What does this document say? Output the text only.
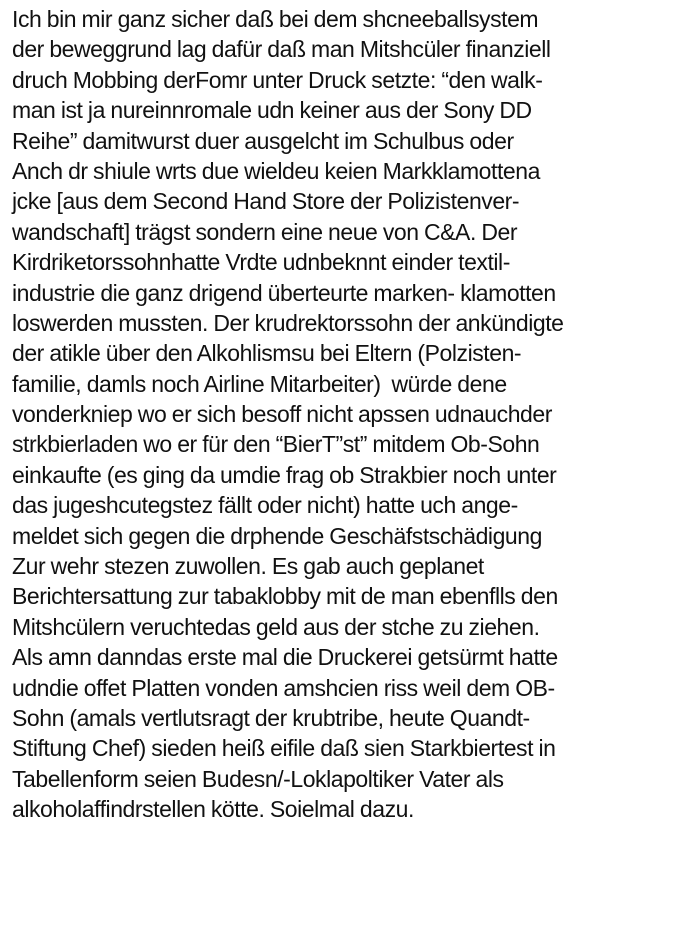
Ich bin mir ganz sicher daß bei dem shcneeballsystem
der beweggrund lag dafür daß man Mitshcüler finanziell
druch Mobbing derFomr unter Druck setzte: “den walk-
man ist ja nureinnromale udn keiner aus der Sony DD
Reihe” damitwurst duer ausgelcht im Schulbus oder
Anch dr shiule wrts due wieldeu keien Markklamottena
jcke [aus dem Second Hand Store der Polizistenver-
wandschaft] trägst sondern eine neue von C&A. Der
Kirdriketorssohnhatte Vrdte udnbeknnt einder textil-
industrie die ganz drigend überteurte marken- klamotten
loswerden mussten. Der krudrektorssohn der ankündigte
der atikle über den Alkohlismsu bei Eltern (Polzisten-
familie, damls noch Airline Mitarbeiter)  würde dene
vonderkniep wo er sich besoff nicht apssen udnauchder
strkbierladen wo er für den “BierT”st” mitdem Ob-Sohn
einkaufte (es ging da umdie frag ob Strakbier noch unter
das jugeshcutegstez fällt oder nicht) hatte uch ange-
meldet sich gegen die drphende Geschäfstschädigung
Zur wehr stezen zuwollen. Es gab auch geplanet
Berichtersattung zur tabaklobby mit de man ebenflls den
Mitshcülern veruchtedas geld aus der stche zu ziehen.
Als amn danndas erste mal die Druckerei getsürmt hatte
udndie offet Platten vonden amshcien riss weil dem OB-
Sohn (amals vertlutsragt der krubtribe, heute Quandt-
Stiftung Chef) sieden heiß eifile daß sien Starkbiertest in
Tabellenform seien Budesn/-Loklapoltiker Vater als
alkoholaffindrstellen kötte. Soielmal dazu.
